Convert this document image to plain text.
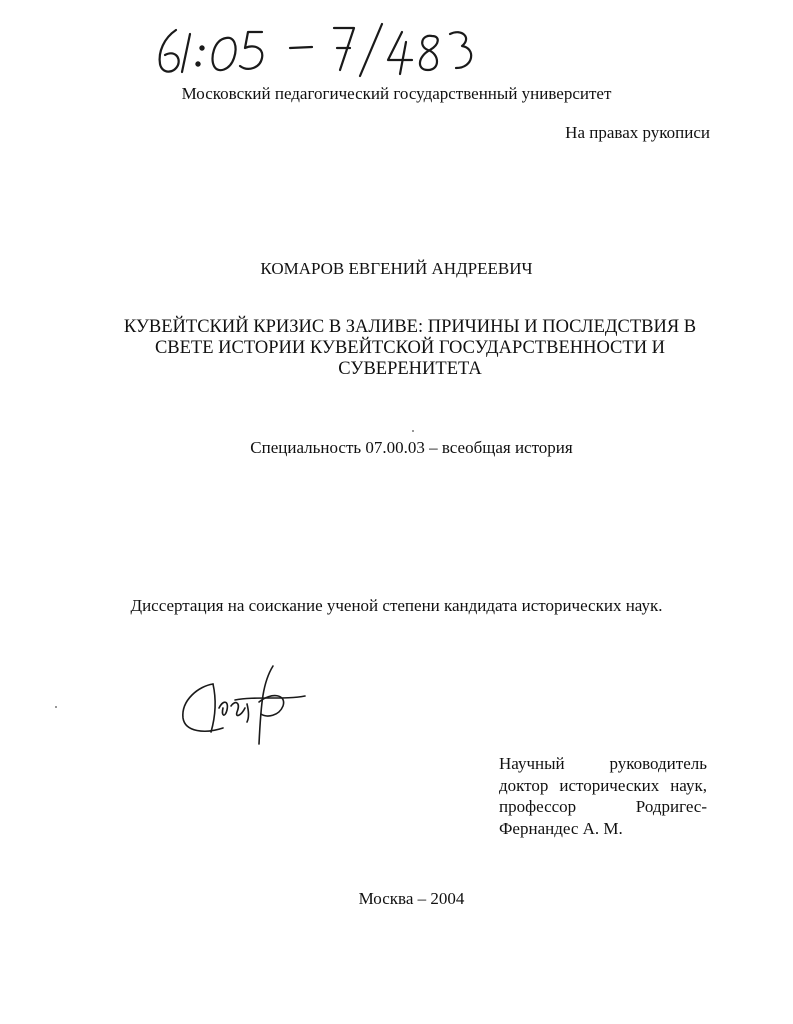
Московский педагогический государственный университет
На правах рукописи
КОМАРОВ ЕВГЕНИЙ АНДРЕЕВИЧ
КУВЕЙТСКИЙ КРИЗИС В ЗАЛИВЕ: ПРИЧИНЫ И ПОСЛЕДСТВИЯ В
СВЕТЕ ИСТОРИИ КУВЕЙТСКОЙ ГОСУДАРСТВЕННОСТИ И
СУВЕРЕНИТЕТА
Специальность 07.00.03 – всеобщая история
Диссертация на соискание ученой степени кандидата исторических наук.
Научный руководитель
доктор исторических наук,
профессор Родригес-
Фернандес А. М.
Москва – 2004
